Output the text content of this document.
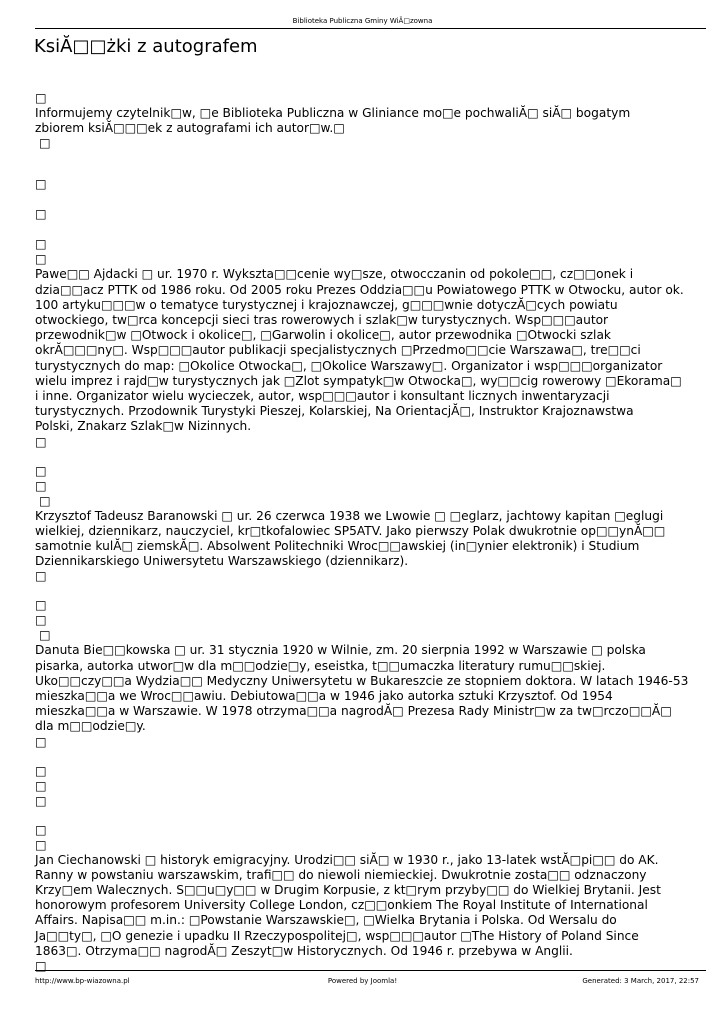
Biblioteka Publiczna Gminy WiĂ□zowna
KsiĂ□□żki z autografem
□

Informujemy czytelnik□w, □e Biblioteka Publiczna w Gliniance mo□e pochwaliĂ□ siĂ□ bogatym

zbiorem ksiĂ□□□ek z autografami ich autor□w.□

□
□
□
□
□

Pawe□□ Ajdacki □ ur. 1970 r. Wykszta□□cenie wy□sze, otwocczanin od pokole□□, cz□□onek i

dzia□□acz PTTK od 1986 roku. Od 2005 roku Prezes Oddzia□□u Powiatowego PTTK w Otwocku, autor ok.

100 artyku□□□w o tematyce turystycznej i krajoznawczej, g□□□wnie dotyczĂ□cych powiatu

otwockiego, tw□rca koncepcji sieci tras rowerowych i szlak□w turystycznych. Wsp□□□autor

przewodnik□w □Otwock i okolice□, □Garwolin i okolice□, autor przewodnika □Otwocki szlak

okrĂ□□□ny□. Wsp□□□autor publikacji specjalistycznych □Przedmo□□cie Warszawa□, tre□□ci

turystycznych do map: □Okolice Otwocka□, □Okolice Warszawy□. Organizator i wsp□□□organizator

wielu imprez i rajd□w turystycznych jak □Zlot sympatyk□w Otwocka□, wy□□cig rowerowy □Ekorama□

i inne. Organizator wielu wycieczek, autor, wsp□□□autor i konsultant licznych inwentaryzacji

turystycznych. Przodownik Turystyki Pieszej, Kolarskiej, Na OrientacjĂ□, Instruktor Krajoznawstwa

Polski, Znakarz Szlak□w Nizinnych.

□
□
□
□

Krzysztof Tadeusz Baranowski □ ur. 26 czerwca 1938 we Lwowie □ □eglarz, jachtowy kapitan □eglugi

wielkiej, dziennikarz, nauczyciel, kr□tkofalowiec SP5ATV. Jako pierwszy Polak dwukrotnie op□□ynĂ□□

samotnie kulĂ□ ziemskĂ□. Absolwent Politechniki Wroc□□awskiej (in□ynier elektronik) i Studium

Dziennikarskiego Uniwersytetu Warszawskiego (dziennikarz).

□
□
□
□

Danuta Bie□□kowska □ ur. 31 stycznia 1920 w Wilnie, zm. 20 sierpnia 1992 w Warszawie □ polska

pisarka, autorka utwor□w dla m□□odzie□y, eseistka, t□□umaczka literatury rumu□□skiej.

Uko□□czy□□a Wydzia□□ Medyczny Uniwersytetu w Bukareszcie ze stopniem doktora. W latach 1946-53

mieszka□□a we Wroc□□awiu. Debiutowa□□a w 1946 jako autorka sztuki Krzysztof. Od 1954

mieszka□□a w Warszawie. W 1978 otrzyma□□a nagrodĂ□ Prezesa Rady Ministr□w za tw□rczo□□Ă□

dla m□□odzie□y.

□
□
□
□
□
□

Jan Ciechanowski □ historyk emigracyjny. Urodzi□□ siĂ□ w 1930 r., jako 13-latek wstĂ□pi□□ do AK.

Ranny w powstaniu warszawskim, trafi□□ do niewoli niemieckiej. Dwukrotnie zosta□□ odznaczony

Krzy□em Walecznych. S□□u□y□□ w Drugim Korpusie, z kt□rym przyby□□ do Wielkiej Brytanii. Jest

honorowym profesorem University College London, cz□□onkiem The Royal Institute of International

Affairs. Napisa□□ m.in.: □Powstanie Warszawskie□, □Wielka Brytania i Polska. Od Wersalu do

Ja□□ty□, □O genezie i upadku II Rzeczypospolitej□, wsp□□□autor □The History of Poland Since

1863□. Otrzyma□□ nagrodĂ□ Zeszyt□w Historycznych. Od 1946 r. przebywa w Anglii.

□
http://www.bp-wiazowna.pl	Powered by Joomla!	Generated: 3 March, 2017, 22:57
